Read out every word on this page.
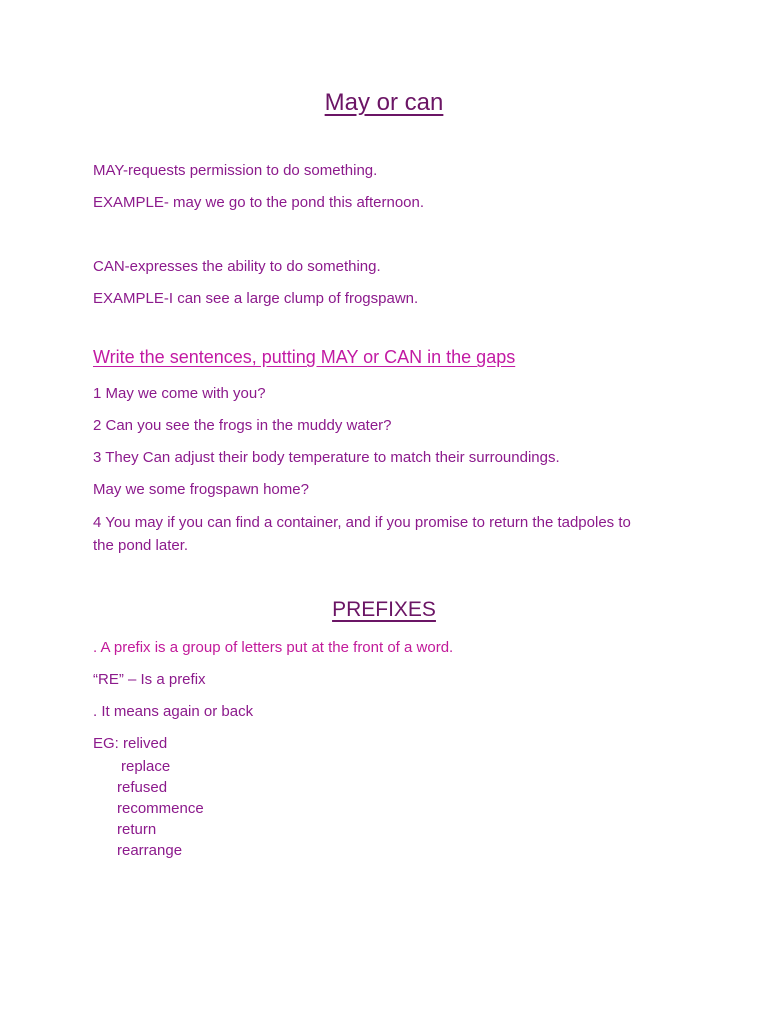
May or can
MAY-requests permission to do something.
EXAMPLE- may we go to the pond this afternoon.
CAN-expresses the ability to do something.
EXAMPLE-I can see a large clump of frogspawn.
Write the sentences, putting MAY or CAN in the gaps
1 May we come with you?
2 Can you see the frogs in the muddy water?
3 They Can adjust their body temperature to match their surroundings.
May we some frogspawn home?
4 You may if you can find a container, and if you promise to return the tadpoles to the pond later.
PREFIXES
. A prefix is a group of letters put at the front of a word.
“RE” – Is a prefix
. It means again or back
EG: relived
replace
refused
recommence
return
rearrange
